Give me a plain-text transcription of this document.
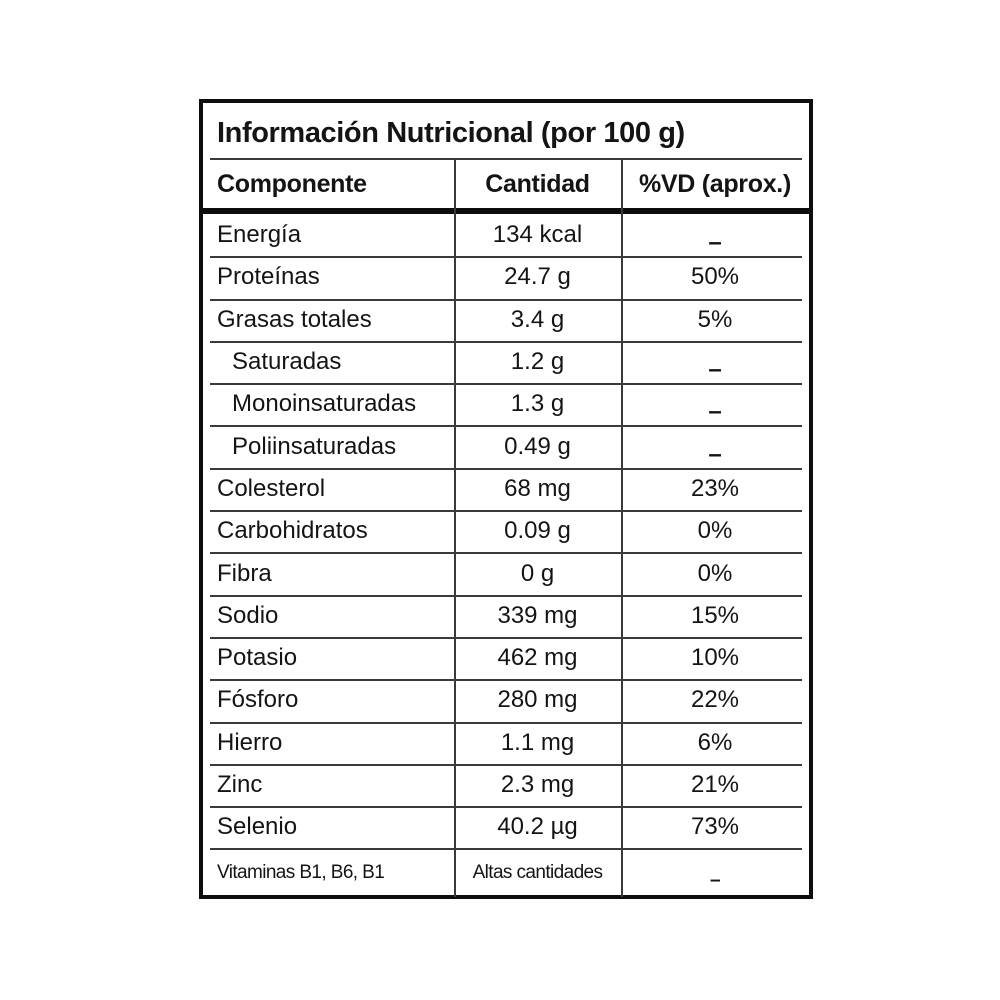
Información Nutricional (por 100 g)
Componente	Cantidad	%VD (aprox.)
Energía	134 kcal	–
Proteínas	24.7 g	50%
Grasas totales	3.4 g	5%
Saturadas	1.2 g	–
Monoinsaturadas	1.3 g	–
Poliinsaturadas	0.49 g	–
Colesterol	68 mg	23%
Carbohidratos	0.09 g	0%
Fibra	0 g	0%
Sodio	339 mg	15%
Potasio	462 mg	10%
Fósforo	280 mg	22%
Hierro	1.1 mg	6%
Zinc	2.3 mg	21%
Selenio	40.2 µg	73%
Vitaminas B1, B6, B1	Altas cantidades	–
